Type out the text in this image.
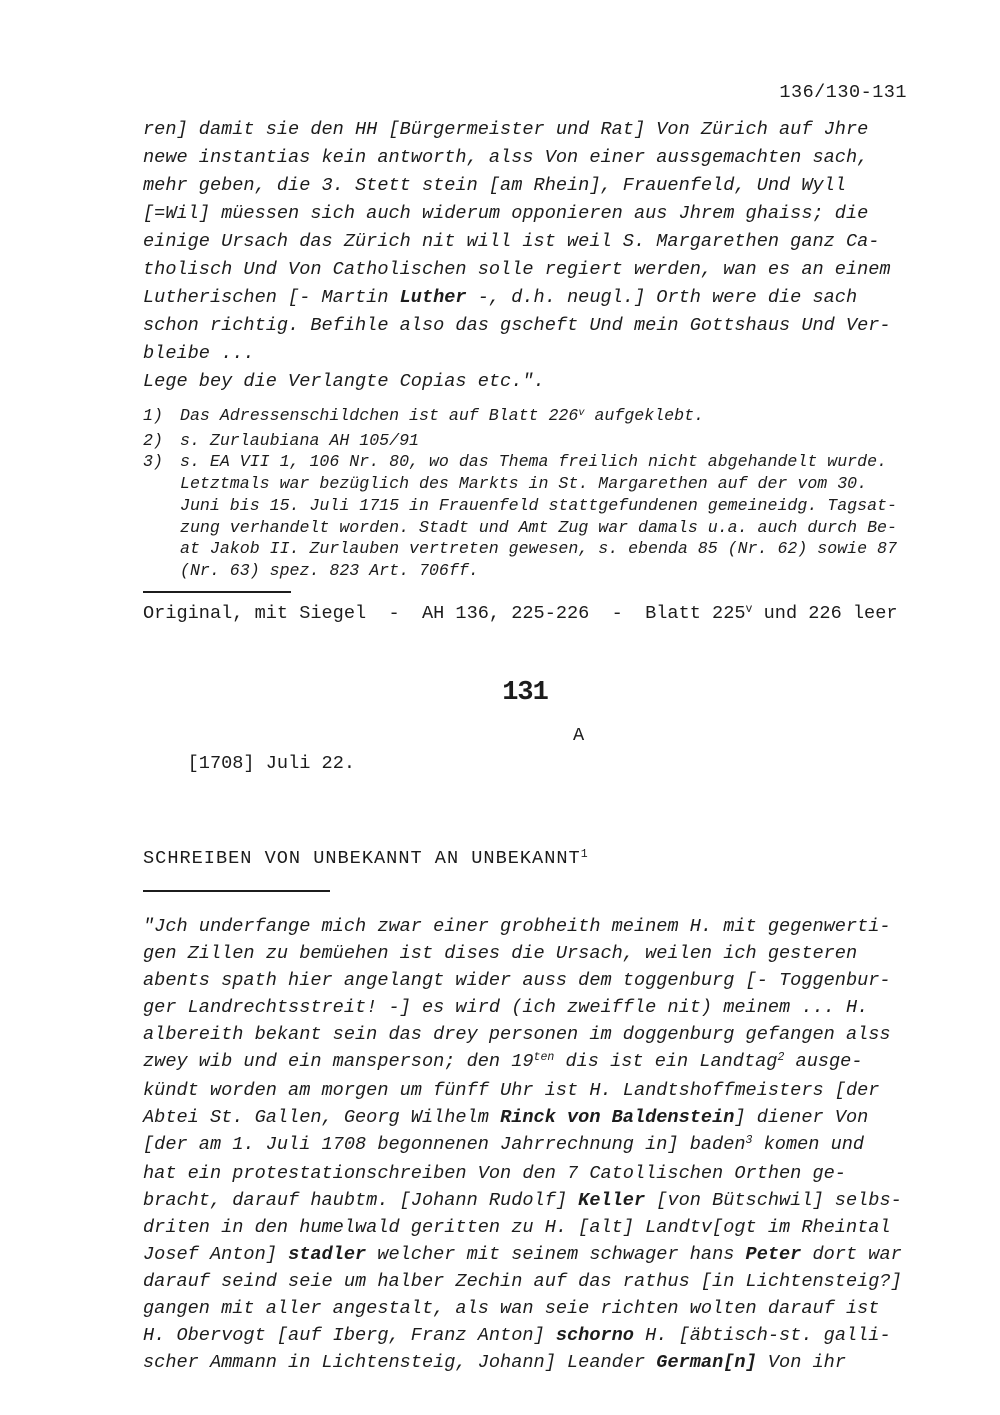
136/130-131
ren] damit sie den HH [Bürgermeister und Rat] Von Zürich auf Jhre
newe instantias kein antworth, alss Von einer aussgemachten sach,
mehr geben, die 3. Stett stein [am Rhein], Frauenfeld, Und Wyll
[=Wil] müessen sich auch widerum opponieren aus Jhrem ghaiss; die
einige Ursach das Zürich nit will ist weil S. Margarethen ganz Ca-
tholisch Und Von Catholischen solle regiert werden, wan es an einem
Lutherischen [- Martin Luther -, d.h. neugl.] Orth were die sach
schon richtig. Befihle also das gscheft Und mein Gottshaus Und Ver-
bleibe ...
Lege bey die Verlangte Copias etc.".
1)	Das Adressenschildchen ist auf Blatt 226$^v$ aufgeklebt.
2)	s. Zurlaubiana AH 105/91
3)	s. EA VII 1, 106 Nr. 80, wo das Thema freilich nicht abgehandelt wurde.
Letztmals war bezüglich des Markts in St. Margarethen auf der vom 30.
Juni bis 15. Juli 1715 in Frauenfeld stattgefundenen gemeineidg. Tagsat-
zung verhandelt worden. Stadt und Amt Zug war damals u.a. auch durch Be-
at Jakob II. Zurlauben vertreten gewesen, s. ebenda 85 (Nr. 62) sowie 87
(Nr. 63) spez. 823 Art. 706ff.
Original, mit Siegel  -  AH 136, 225-226  -  Blatt 225$^v$ und 226 leer
131

[1708] Juli 22.

A

SCHREIBEN VON UNBEKANNT AN UNBEKANNT$^1$
"Jch underfange mich zwar einer grobheith meinem H. mit gegenwerti-
gen Zillen zu bemüehen ist dises die Ursach, weilen ich gesteren
abents spath hier angelangt wider auss dem toggenburg [- Toggenbur-
ger Landrechtsstreit! -] es wird (ich zweiffle nit) meinem ... H.
albereith bekant sein das drey personen im doggenburg gefangen alss
zwey wib und ein mansperson; den $19^{ten}$ dis ist ein Landtag$^2$ ausge-
kündt worden am morgen um fünff Uhr ist H. Landtshoffmeisters [der
Abtei St. Gallen, Georg Wilhelm Rinck von Baldenstein] diener Von
[der am 1. Juli 1708 begonnenen Jahrrechnung in] baden$^3$ komen und
hat ein protestationschreiben Von den 7 Catollischen Orthen ge-
bracht, darauf haubtm. [Johann Rudolf] Keller [von Bütschwil] selbs-
driten in den humelwald geritten zu H. [alt] Landtv[ogt im Rheintal
Josef Anton] stadler welcher mit seinem schwager hans Peter dort war
darauf seind seie um halber Zechin auf das rathus [in Lichtensteig?]
gangen mit aller angestalt, als wan seie richten wolten darauf ist
H. Obervogt [auf Iberg, Franz Anton] schorno H. [äbtisch-st. galli-
scher Ammann in Lichtensteig, Johann] Leander German[n] Von ihr
